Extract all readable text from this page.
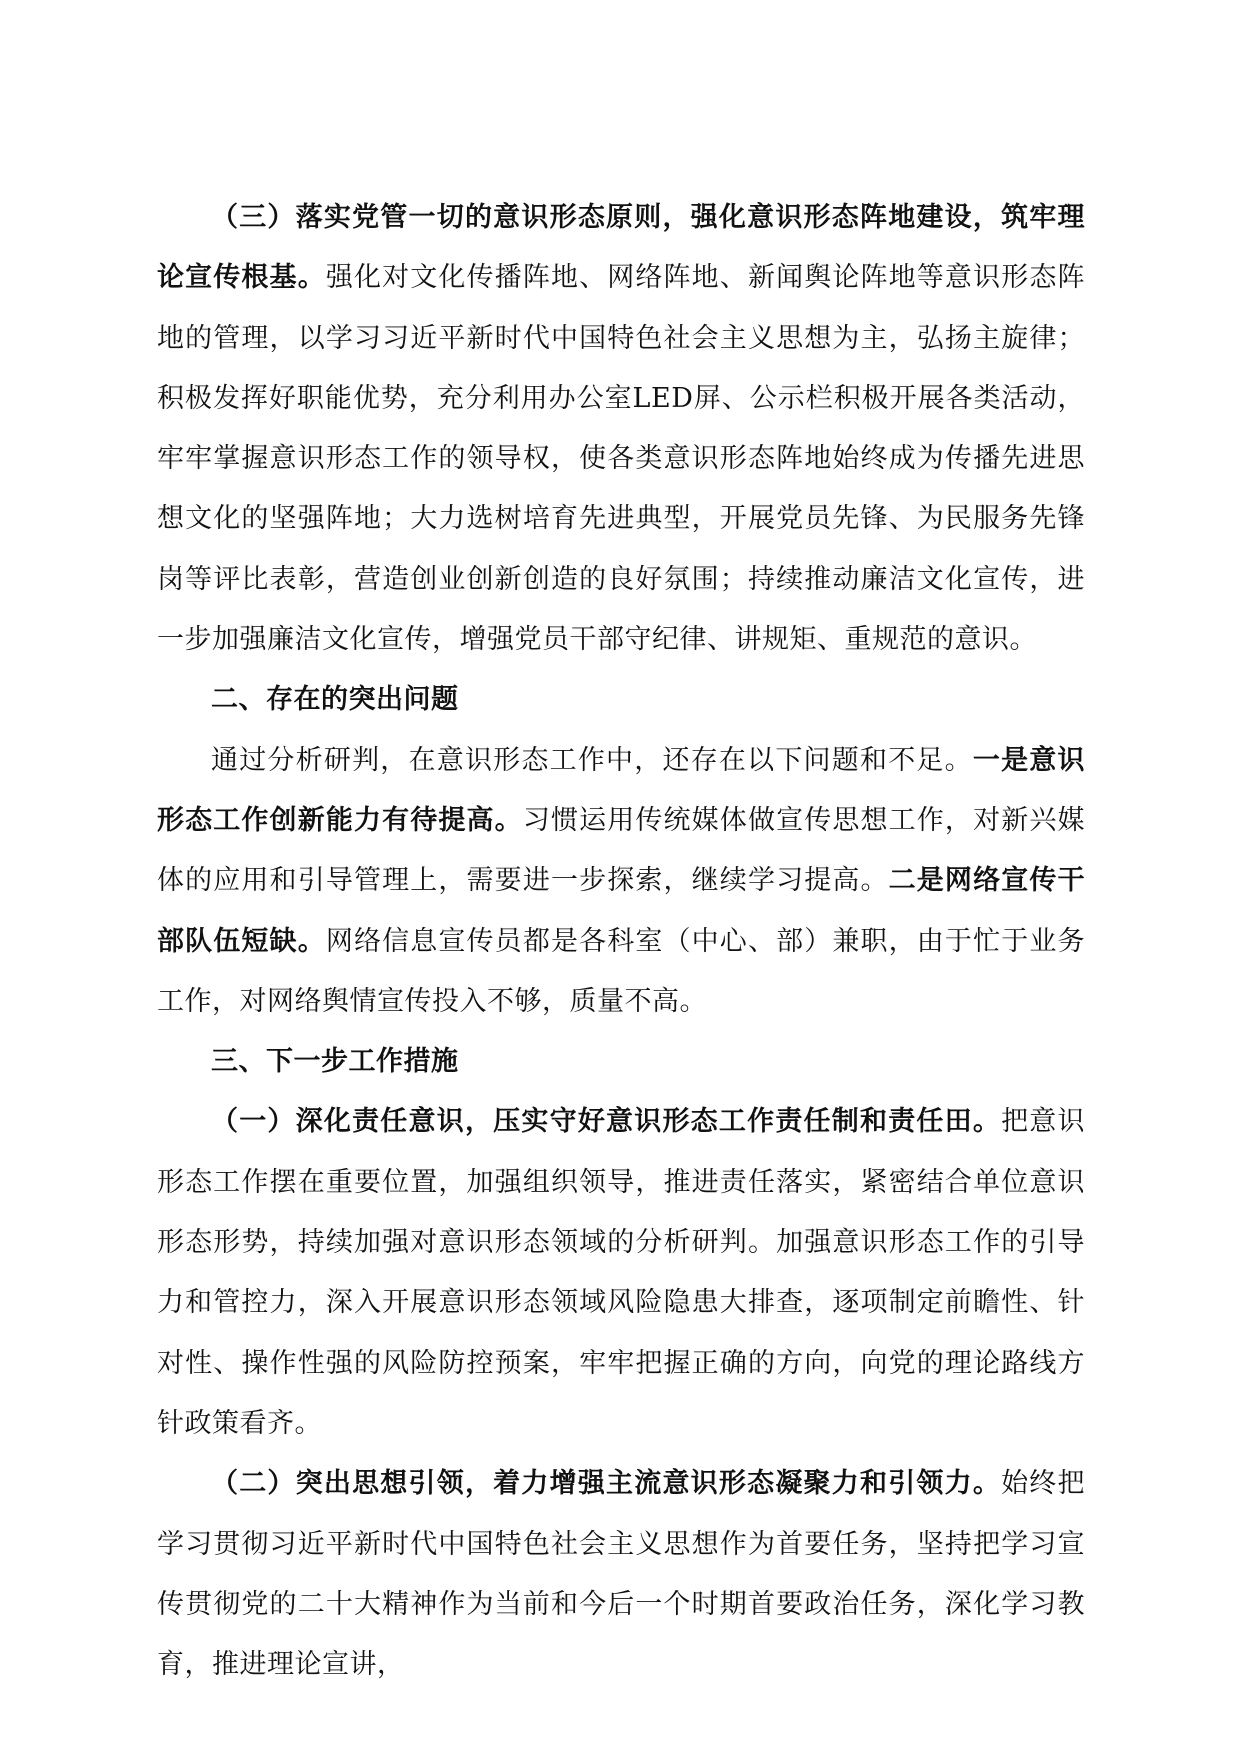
（三）落实党管一切的意识形态原则，强化意识形态阵地建设，筑牢理论宣传根基。强化对文化传播阵地、网络阵地、新闻舆论阵地等意识形态阵地的管理，以学习习近平新时代中国特色社会主义思想为主，弘扬主旋律；积极发挥好职能优势，充分利用办公室LED屏、公示栏积极开展各类活动，牢牢掌握意识形态工作的领导权，使各类意识形态阵地始终成为传播先进思想文化的坚强阵地；大力选树培育先进典型，开展党员先锋、为民服务先锋岗等评比表彰，营造创业创新创造的良好氛围；持续推动廉洁文化宣传，进一步加强廉洁文化宣传，增强党员干部守纪律、讲规矩、重规范的意识。

二、存在的突出问题

通过分析研判，在意识形态工作中，还存在以下问题和不足。一是意识形态工作创新能力有待提高。习惯运用传统媒体做宣传思想工作，对新兴媒体的应用和引导管理上，需要进一步探索，继续学习提高。二是网络宣传干部队伍短缺。网络信息宣传员都是各科室（中心、部）兼职，由于忙于业务工作，对网络舆情宣传投入不够，质量不高。

三、下一步工作措施

（一）深化责任意识，压实守好意识形态工作责任制和责任田。把意识形态工作摆在重要位置，加强组织领导，推进责任落实，紧密结合单位意识形态形势，持续加强对意识形态领域的分析研判。加强意识形态工作的引导力和管控力，深入开展意识形态领域风险隐患大排查，逐项制定前瞻性、针对性、操作性强的风险防控预案，牢牢把握正确的方向，向党的理论路线方针政策看齐。

（二）突出思想引领，着力增强主流意识形态凝聚力和引领力。始终把学习贯彻习近平新时代中国特色社会主义思想作为首要任务，坚持把学习宣传贯彻党的二十大精神作为当前和今后一个时期首要政治任务，深化学习教育，推进理论宣讲，
